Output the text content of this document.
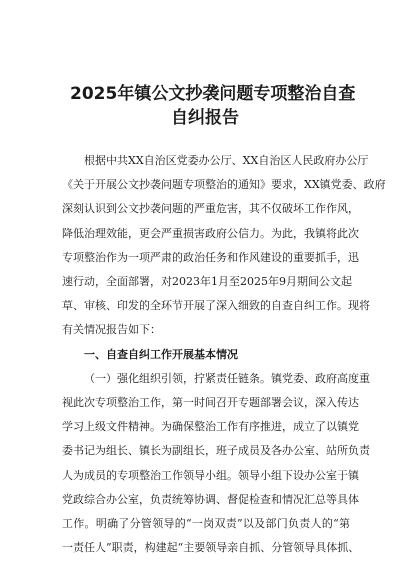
2025年镇公文抄袭问题专项整治自查
自纠报告

根据中共XX自治区党委办公厅、XX自治区人民政府办公厅
《关于开展公文抄袭问题专项整治的通知》要求，XX镇党委、政府
深刻认识到公文抄袭问题的严重危害，其不仅破坏工作作风，
降低治理效能，更会严重损害政府公信力。为此，我镇将此次
专项整治作为一项严肃的政治任务和作风建设的重要抓手，迅
速行动，全面部署，对2023年1月至2025年9月期间公文起
草、审核、印发的全环节开展了深入细致的自查自纠工作。现将
有关情况报告如下：

一、自查自纠工作开展基本情况

（一）强化组织引领，拧紧责任链条。镇党委、政府高度重
视此次专项整治工作，第一时间召开专题部署会议，深入传达
学习上级文件精神。为确保整治工作有序推进，成立了以镇党
委书记为组长、镇长为副组长，班子成员及各办公室、站所负责
人为成员的专项整治工作领导小组。领导小组下设办公室于镇
党政综合办公室，负责统筹协调、督促检查和情况汇总等具体
工作。明确了分管领导的“一岗双责”以及部门负责人的“第
一责任人”职责，构建起“主要领导亲自抓、分管领导具体抓、
